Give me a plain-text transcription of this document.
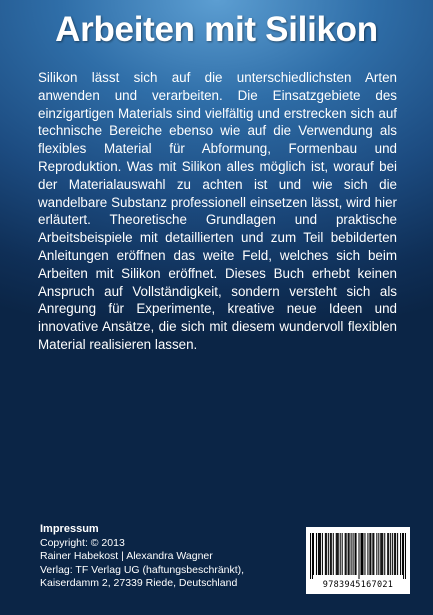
Arbeiten mit Silikon
Silikon lässt sich auf die unterschiedlichsten Arten anwenden und verarbeiten. Die Einsatzgebiete des einzigartigen Materials sind vielfältig und erstrecken sich auf technische Bereiche ebenso wie auf die Verwendung als flexibles Material für Abformung, Formenbau und Reproduktion. Was mit Silikon alles möglich ist, worauf bei der Materialauswahl zu achten ist und wie sich die wandelbare Substanz professionell einsetzen lässt, wird hier erläutert. Theoretische Grundlagen und praktische Arbeitsbeispiele mit detaillierten und zum Teil bebilderten Anleitungen eröffnen das weite Feld, welches sich beim Arbeiten mit Silikon eröffnet. Dieses Buch erhebt keinen Anspruch auf Vollständigkeit, sondern versteht sich als Anregung für Experimente, kreative neue Ideen und innovative Ansätze, die sich mit diesem wundervoll flexiblen Material realisieren lassen.
Impressum
Copyright: © 2013
Rainer Habekost | Alexandra Wagner
Verlag: TF Verlag UG (haftungsbeschränkt),
Kaiserdamm 2, 27339 Riede, Deutschland	9783945167021
